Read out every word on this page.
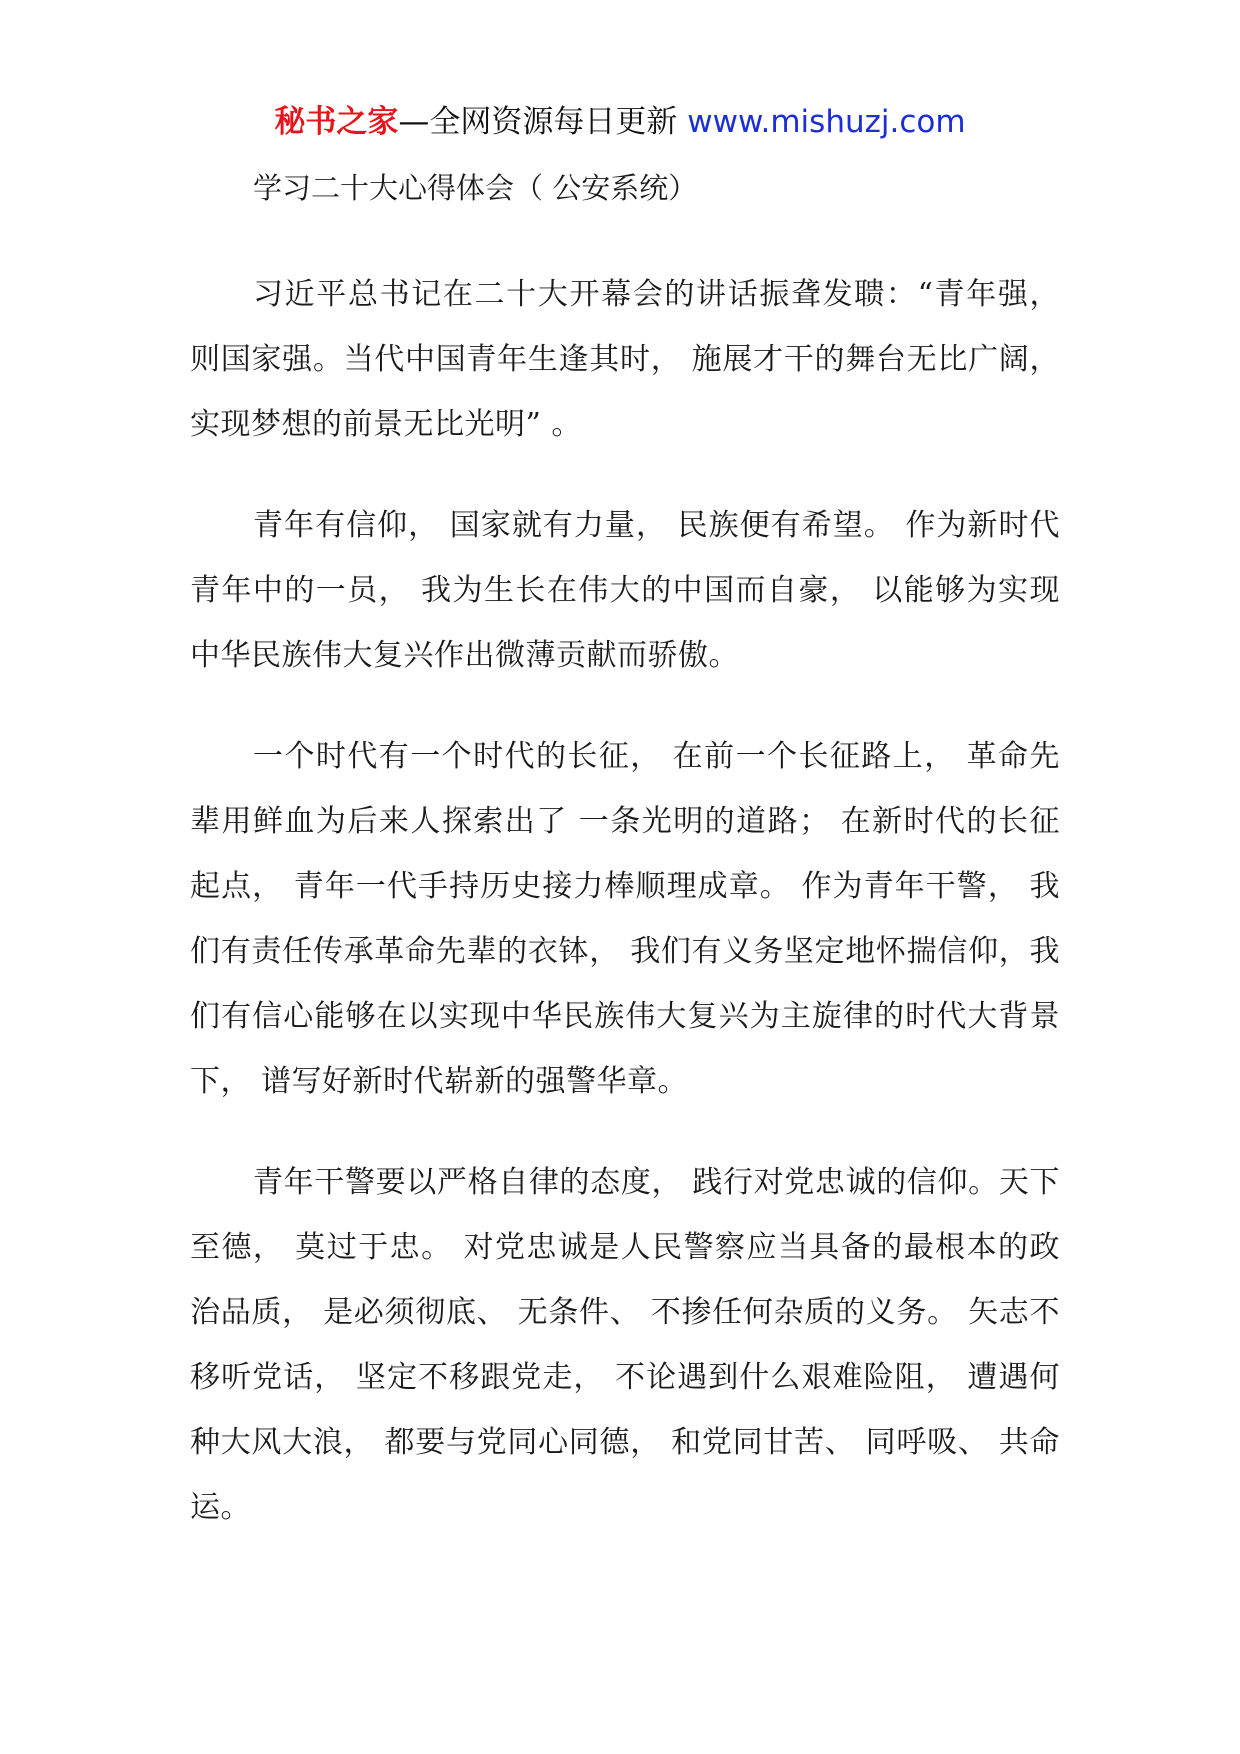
秘书之家—全网资源每日更新 www.mishuzj.com
学习二十大心得体会（ 公安系统）

习近平总书记在二十大开幕会的讲话振聋发聩：“青年强，则国家强。当代中国青年生逢其时， 施展才干的舞台无比广阔，实现梦想的前景无比光明” 。

青年有信仰， 国家就有力量， 民族便有希望。 作为新时代青年中的一员， 我为生长在伟大的中国而自豪， 以能够为实现中华民族伟大复兴作出微薄贡献而骄傲。

一个时代有一个时代的长征， 在前一个长征路上， 革命先辈用鲜血为后来人探索出了 一条光明的道路； 在新时代的长征起点， 青年一代手持历史接力棒顺理成章。 作为青年干警， 我们有责任传承革命先辈的衣钵， 我们有义务坚定地怀揣信仰，我们有信心能够在以实现中华民族伟大复兴为主旋律的时代大背景下， 谱写好新时代崭新的强警华章。

青年干警要以严格自律的态度， 践行对党忠诚的信仰。天下至德， 莫过于忠。 对党忠诚是人民警察应当具备的最根本的政治品质， 是必须彻底、 无条件、 不掺任何杂质的义务。 矢志不移听党话， 坚定不移跟党走， 不论遇到什么艰难险阻， 遭遇何种大风大浪， 都要与党同心同德， 和党同甘苦、 同呼吸、 共命运。
